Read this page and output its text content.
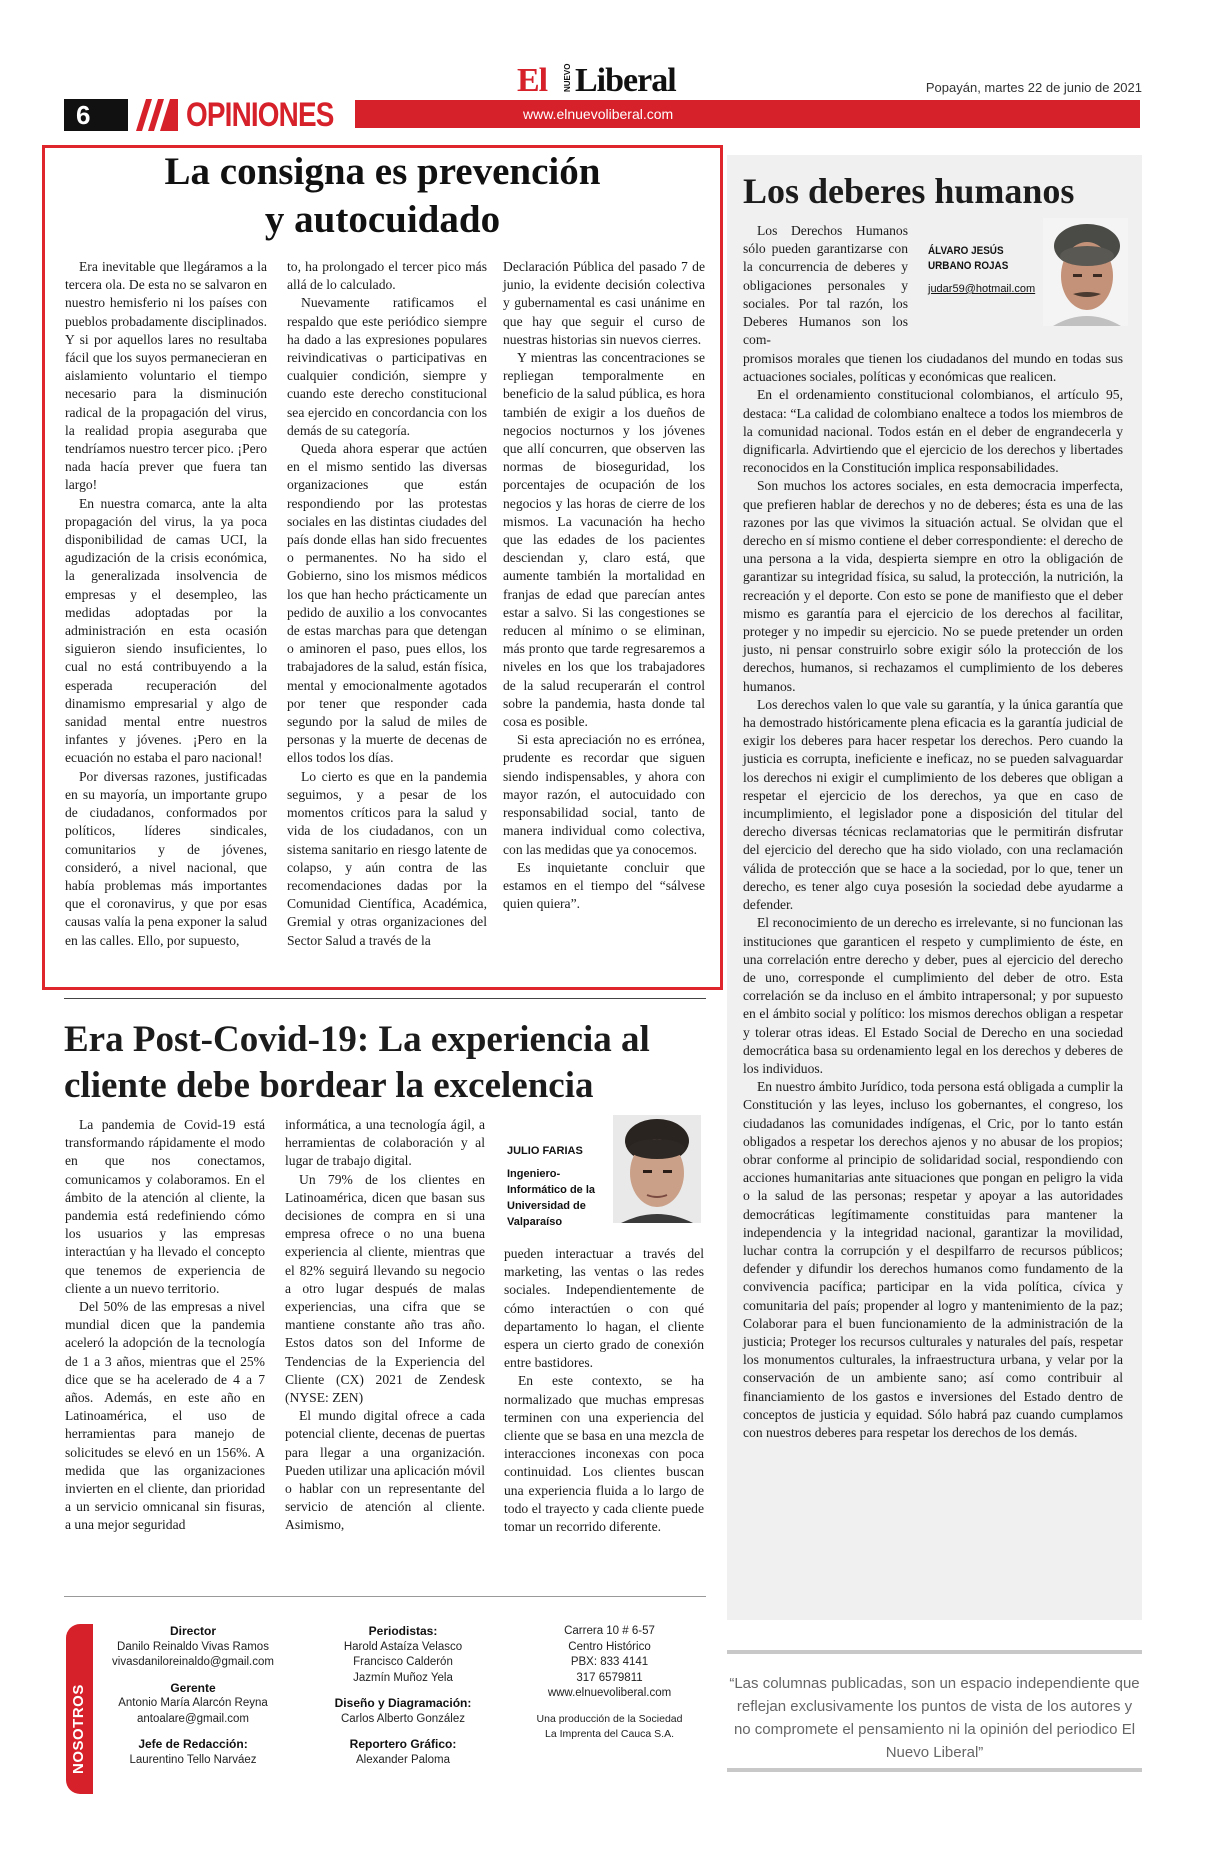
6	OPINIONES
El NUEVO Liberal
www.elnuevoliberal.com
Popayán, martes 22 de junio de 2021
La consigna es prevención
y autocuidado

Era inevitable que llegáramos a la tercera ola. De esta no se salvaron en nuestro hemisferio ni los países con pueblos probadamente disciplinados. Y si por aquellos lares no resultaba fácil que los suyos permanecieran en aislamiento voluntario el tiempo necesario para la disminución radical de la propagación del virus, la realidad propia aseguraba que tendríamos nuestro tercer pico. ¡Pero nada hacía prever que fuera tan largo!

En nuestra comarca, ante la alta propagación del virus, la ya poca disponibilidad de camas UCI, la agudización de la crisis económica, la generalizada insolvencia de empresas y el desempleo, las medidas adoptadas por la administración en esta ocasión siguieron siendo insuficientes, lo cual no está contribuyendo a la esperada recuperación del dinamismo empresarial y algo de sanidad mental entre nuestros infantes y jóvenes. ¡Pero en la ecuación no estaba el paro nacional!

Por diversas razones, justificadas en su mayoría, un importante grupo de ciudadanos, conformados por políticos, líderes sindicales, comunitarios y de jóvenes, consideró, a nivel nacional, que había problemas más importantes que el coronavirus, y que por esas causas valía la pena exponer la salud en las calles. Ello, por supuesto,

to, ha prolongado el tercer pico más allá de lo calculado.

Nuevamente ratificamos el respaldo que este periódico siempre ha dado a las expresiones populares reivindicativas o participativas en cualquier condición, siempre y cuando este derecho constitucional sea ejercido en concordancia con los demás de su categoría.

Queda ahora esperar que actúen en el mismo sentido las diversas organizaciones que están respondiendo por las protestas sociales en las distintas ciudades del país donde ellas han sido frecuentes o permanentes. No ha sido el Gobierno, sino los mismos médicos los que han hecho prácticamente un pedido de auxilio a los convocantes de estas marchas para que detengan o aminoren el paso, pues ellos, los trabajadores de la salud, están física, mental y emocionalmente agotados por tener que responder cada segundo por la salud de miles de personas y la muerte de decenas de ellos todos los días.

Lo cierto es que en la pandemia seguimos, y a pesar de los momentos críticos para la salud y vida de los ciudadanos, con un sistema sanitario en riesgo latente de colapso, y aún contra de las recomendaciones dadas por la Comunidad Científica, Académica, Gremial y otras organizaciones del Sector Salud a través de la

Declaración Pública del pasado 7 de junio, la evidente decisión colectiva y gubernamental es casi unánime en que hay que seguir el curso de nuestras historias sin nuevos cierres.

Y mientras las concentraciones se repliegan temporalmente en beneficio de la salud pública, es hora también de exigir a los dueños de negocios nocturnos y los jóvenes que allí concurren, que observen las normas de bioseguridad, los porcentajes de ocupación de los negocios y las horas de cierre de los mismos. La vacunación ha hecho que las edades de los pacientes desciendan y, claro está, que aumente también la mortalidad en franjas de edad que parecían antes estar a salvo. Si las congestiones se reducen al mínimo o se eliminan, más pronto que tarde regresaremos a niveles en los que los trabajadores de la salud recuperarán el control sobre la pandemia, hasta donde tal cosa es posible.

Si esta apreciación no es errónea, prudente es recordar que siguen siendo indispensables, y ahora con mayor razón, el autocuidado con responsabilidad social, tanto de manera individual como colectiva, con las medidas que ya conocemos.

Es inquietante concluir que estamos en el tiempo del “sálvese quien quiera”.

Los deberes humanos

Los Derechos Humanos sólo pueden garantizarse con la concurrencia de deberes y obligaciones personales y sociales. Por tal razón, los Deberes Humanos son los com-

ÁLVARO JESÚS
URBANO ROJAS
judar59@hotmail.com

promisos morales que tienen los ciudadanos del mundo en todas sus actuaciones sociales, políticas y económicas que realicen.

En el ordenamiento constitucional colombianos, el artículo 95, destaca: “La calidad de colombiano enaltece a todos los miembros de la comunidad nacional. Todos están en el deber de engrandecerla y dignificarla. Advirtiendo que el ejercicio de los derechos y libertades reconocidos en la Constitución implica responsabilidades.

Son muchos los actores sociales, en esta democracia imperfecta, que prefieren hablar de derechos y no de deberes; ésta es una de las razones por las que vivimos la situación actual. Se olvidan que el derecho en sí mismo contiene el deber correspondiente: el derecho de una persona a la vida, despierta siempre en otro la obligación de garantizar su integridad física, su salud, la protección, la nutrición, la recreación y el deporte. Con esto se pone de manifiesto que el deber mismo es garantía para el ejercicio de los derechos al facilitar, proteger y no impedir su ejercicio. No se puede pretender un orden justo, ni pensar construirlo sobre exigir sólo la protección de los derechos, humanos, si rechazamos el cumplimiento de los deberes humanos.

Los derechos valen lo que vale su garantía, y la única garantía que ha demostrado históricamente plena eficacia es la garantía judicial de exigir los deberes para hacer respetar los derechos. Pero cuando la justicia es corrupta, ineficiente e ineficaz, no se pueden salvaguardar los derechos ni exigir el cumplimiento de los deberes que obligan a respetar el ejercicio de los derechos, ya que en caso de incumplimiento, el legislador pone a disposición del titular del derecho diversas técnicas reclamatorias que le permitirán disfrutar del ejercicio del derecho que ha sido violado, con una reclamación válida de protección que se hace a la sociedad, por lo que, tener un derecho, es tener algo cuya posesión la sociedad debe ayudarme a defender.

El reconocimiento de un derecho es irrelevante, si no funcionan las instituciones que garanticen el respeto y cumplimiento de éste, en una correlación entre derecho y deber, pues al ejercicio del derecho de uno, corresponde el cumplimiento del deber de otro. Esta correlación se da incluso en el ámbito intrapersonal; y por supuesto en el ámbito social y político: los mismos derechos obligan a respetar y tolerar otras ideas. El Estado Social de Derecho en una sociedad democrática basa su ordenamiento legal en los derechos y deberes de los individuos.

En nuestro ámbito Jurídico, toda persona está obligada a cumplir la Constitución y las leyes, incluso los gobernantes, el congreso, los ciudadanos las comunidades indígenas, el Cric, por lo tanto están obligados a respetar los derechos ajenos y no abusar de los propios; obrar conforme al principio de solidaridad social, respondiendo con acciones humanitarias ante situaciones que pongan en peligro la vida o la salud de las personas; respetar y apoyar a las autoridades democráticas legítimamente constituidas para mantener la independencia y la integridad nacional, garantizar la movilidad, luchar contra la corrupción y el despilfarro de recursos públicos; defender y difundir los derechos humanos como fundamento de la convivencia pacífica; participar en la vida política, cívica y comunitaria del país; propender al logro y mantenimiento de la paz; Colaborar para el buen funcionamiento de la administración de la justicia; Proteger los recursos culturales y naturales del país, respetar los monumentos culturales, la infraestructura urbana, y velar por la conservación de un ambiente sano; así como contribuir al financiamiento de los gastos e inversiones del Estado dentro de conceptos de justicia y equidad. Sólo habrá paz cuando cumplamos con nuestros deberes para respetar los derechos de los demás.

Era Post-Covid-19: La experiencia al
cliente debe bordear la excelencia

La pandemia de Covid-19 está transformando rápidamente el modo en que nos conectamos, comunicamos y colaboramos. En el ámbito de la atención al cliente, la pandemia está redefiniendo cómo los usuarios y las empresas interactúan y ha llevado el concepto que tenemos de experiencia de cliente a un nuevo territorio.

Del 50% de las empresas a nivel mundial dicen que la pandemia aceleró la adopción de la tecnología de 1 a 3 años, mientras que el 25% dice que se ha acelerado de 4 a 7 años. Además, en este año en Latinoamérica, el uso de herramientas para manejo de solicitudes se elevó en un 156%. A medida que las organizaciones invierten en el cliente, dan prioridad a un servicio omnicanal sin fisuras, a una mejor seguridad

informática, a una tecnología ágil, a herramientas de colaboración y al lugar de trabajo digital.

Un 79% de los clientes en Latinoamérica, dicen que basan sus decisiones de compra en si una empresa ofrece o no una buena experiencia al cliente, mientras que el 82% seguirá llevando su negocio a otro lugar después de malas experiencias, una cifra que se mantiene constante año tras año. Estos datos son del Informe de Tendencias de la Experiencia del Cliente (CX) 2021 de Zendesk (NYSE: ZEN)

El mundo digital ofrece a cada potencial cliente, decenas de puertas para llegar a una organización. Pueden utilizar una aplicación móvil o hablar con un representante del servicio de atención al cliente. Asimismo,

JULIO FARIAS
Ingeniero-Informático de la Universidad de Valparaíso

pueden interactuar a través del marketing, las ventas o las redes sociales. Independientemente de cómo interactúen o con qué departamento lo hagan, el cliente espera un cierto grado de conexión entre bastidores.

En este contexto, se ha normalizado que muchas empresas terminen con una experiencia del cliente que se basa en una mezcla de interacciones inconexas con poca continuidad. Los clientes buscan una experiencia fluida a lo largo de todo el trayecto y cada cliente puede tomar un recorrido diferente.

NOSOTROS
Director
Danilo Reinaldo Vivas Ramos
vivasdaniloreinaldo@gmail.com
Gerente
Antonio María Alarcón Reyna
antoalare@gmail.com
Jefe de Redacción:
Laurentino Tello Narváez
Periodistas:
Harold Astaíza Velasco
Francisco Calderón
Jazmín Muñoz Yela
Diseño y Diagramación:
Carlos Alberto González
Reportero Gráfico:
Alexander Paloma
Carrera 10 # 6-57
Centro Histórico
PBX: 833 4141
317 6579811
www.elnuevoliberal.com
Una producción de la Sociedad
La Imprenta del Cauca S.A.
“Las columnas publicadas, son un espacio independiente que reflejan exclusivamente los puntos de vista de los autores y no compromete el pensamiento ni la opinión del periodico El Nuevo Liberal”
